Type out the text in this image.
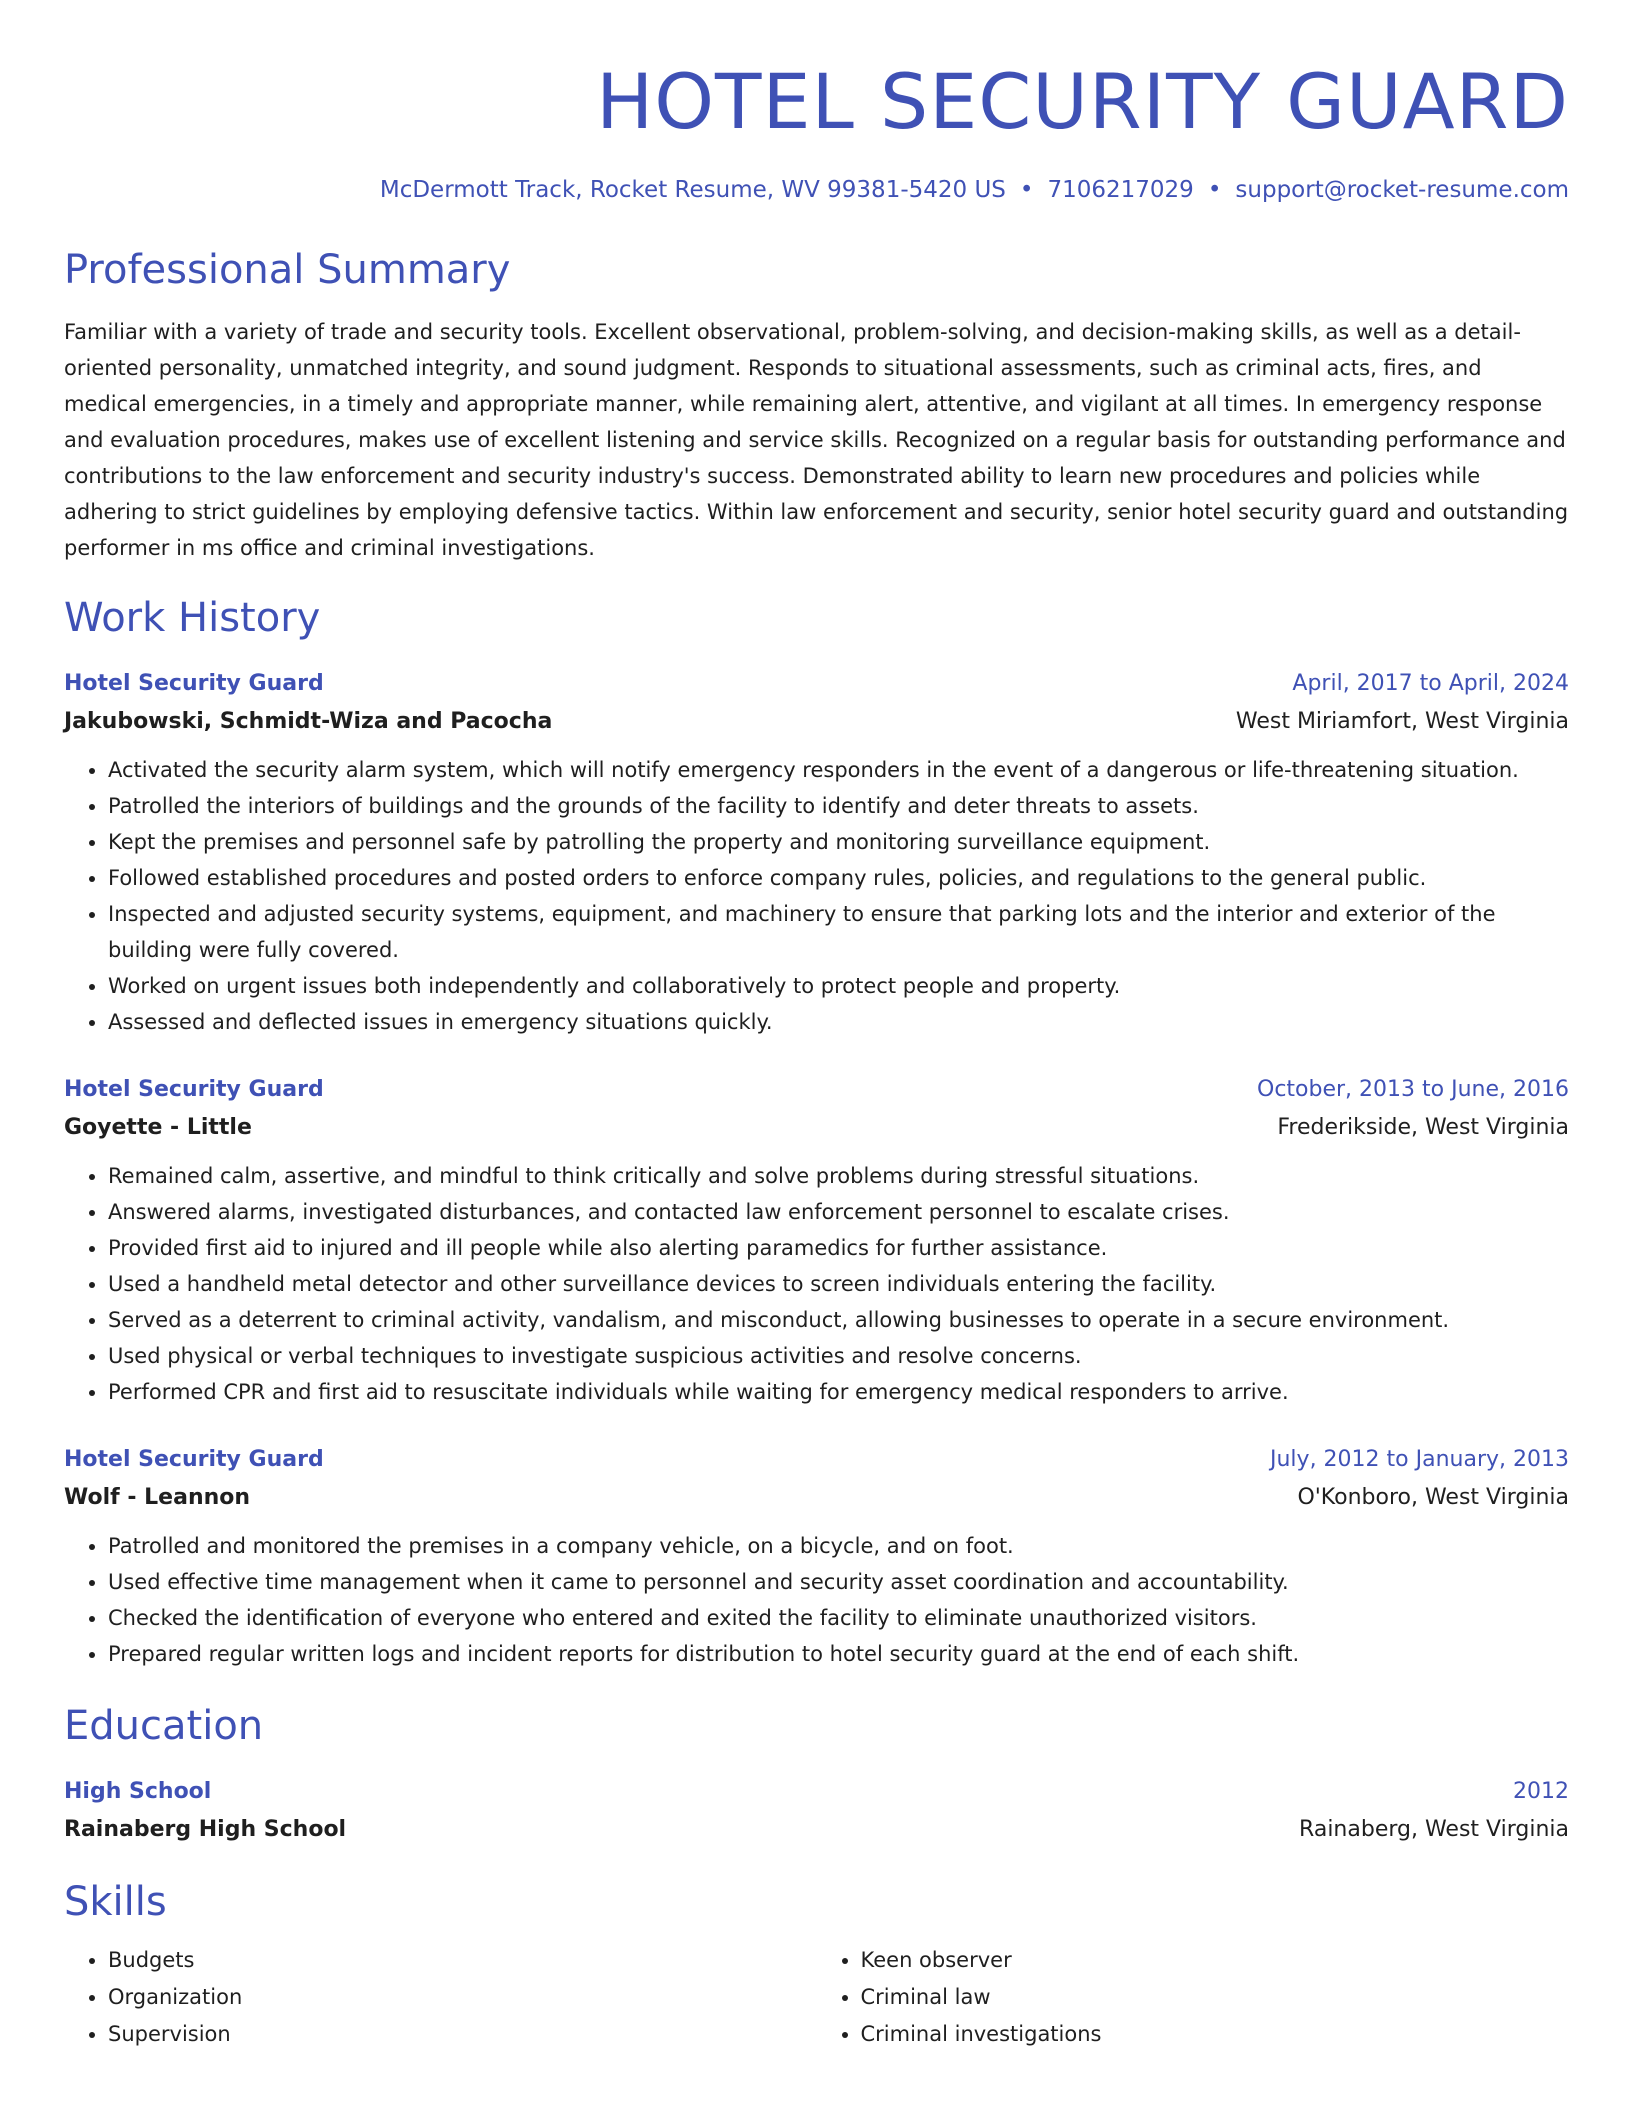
HOTEL SECURITY GUARD
McDermott Track, Rocket Resume, WV 99381-5420 US • 7106217029 • support@rocket-resume.com
Professional Summary

Familiar with a variety of trade and security tools. Excellent observational, problem-solving, and decision-making skills, as well as a detail-oriented personality, unmatched integrity, and sound judgment. Responds to situational assessments, such as criminal acts, fires, and medical emergencies, in a timely and appropriate manner, while remaining alert, attentive, and vigilant at all times. In emergency response and evaluation procedures, makes use of excellent listening and service skills. Recognized on a regular basis for outstanding performance and contributions to the law enforcement and security industry's success. Demonstrated ability to learn new procedures and policies while adhering to strict guidelines by employing defensive tactics. Within law enforcement and security, senior hotel security guard and outstanding performer in ms office and criminal investigations.

Work History
Hotel Security Guard	April, 2017 to April, 2024
Jakubowski, Schmidt-Wiza and Pacocha	West Miriamfort, West Virginia
• Activated the security alarm system, which will notify emergency responders in the event of a dangerous or life-threatening situation.
• Patrolled the interiors of buildings and the grounds of the facility to identify and deter threats to assets.
• Kept the premises and personnel safe by patrolling the property and monitoring surveillance equipment.
• Followed established procedures and posted orders to enforce company rules, policies, and regulations to the general public.
• Inspected and adjusted security systems, equipment, and machinery to ensure that parking lots and the interior and exterior of the building were fully covered.
• Worked on urgent issues both independently and collaboratively to protect people and property.
• Assessed and deflected issues in emergency situations quickly.
Hotel Security Guard	October, 2013 to June, 2016
Goyette - Little	Frederikside, West Virginia
• Remained calm, assertive, and mindful to think critically and solve problems during stressful situations.
• Answered alarms, investigated disturbances, and contacted law enforcement personnel to escalate crises.
• Provided first aid to injured and ill people while also alerting paramedics for further assistance.
• Used a handheld metal detector and other surveillance devices to screen individuals entering the facility.
• Served as a deterrent to criminal activity, vandalism, and misconduct, allowing businesses to operate in a secure environment.
• Used physical or verbal techniques to investigate suspicious activities and resolve concerns.
• Performed CPR and first aid to resuscitate individuals while waiting for emergency medical responders to arrive.
Hotel Security Guard	July, 2012 to January, 2013
Wolf - Leannon	O'Konboro, West Virginia
• Patrolled and monitored the premises in a company vehicle, on a bicycle, and on foot.
• Used effective time management when it came to personnel and security asset coordination and accountability.
• Checked the identification of everyone who entered and exited the facility to eliminate unauthorized visitors.
• Prepared regular written logs and incident reports for distribution to hotel security guard at the end of each shift.
Education
High School	2012
Rainaberg High School	Rainaberg, West Virginia
Skills
• Budgets
• Organization
• Supervision
• Keen observer
• Criminal law
• Criminal investigations
